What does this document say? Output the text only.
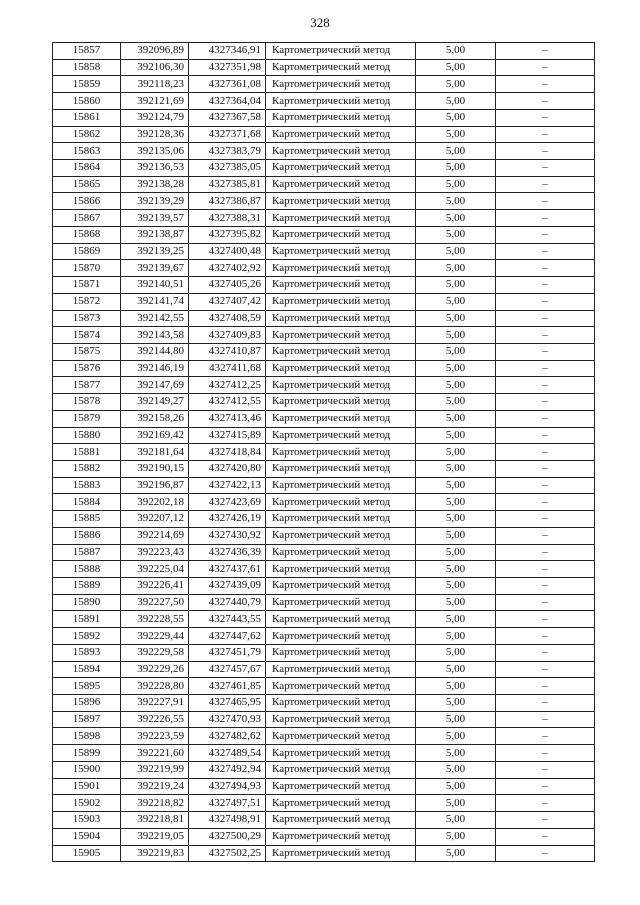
328
15857	392096,89	4327346,91	Картометрический метод	5,00	–
15858	392106,30	4327351,98	Картометрический метод	5,00	–
15859	392118,23	4327361,08	Картометрический метод	5,00	–
15860	392121,69	4327364,04	Картометрический метод	5,00	–
15861	392124,79	4327367,58	Картометрический метод	5,00	–
15862	392128,36	4327371,68	Картометрический метод	5,00	–
15863	392135,06	4327383,79	Картометрический метод	5,00	–
15864	392136,53	4327385,05	Картометрический метод	5,00	–
15865	392138,28	4327385,81	Картометрический метод	5,00	–
15866	392139,29	4327386,87	Картометрический метод	5,00	–
15867	392139,57	4327388,31	Картометрический метод	5,00	–
15868	392138,87	4327395,82	Картометрический метод	5,00	–
15869	392139,25	4327400,48	Картометрический метод	5,00	–
15870	392139,67	4327402,92	Картометрический метод	5,00	–
15871	392140,51	4327405,26	Картометрический метод	5,00	–
15872	392141,74	4327407,42	Картометрический метод	5,00	–
15873	392142,55	4327408,59	Картометрический метод	5,00	–
15874	392143,58	4327409,83	Картометрический метод	5,00	–
15875	392144,80	4327410,87	Картометрический метод	5,00	–
15876	392146,19	4327411,68	Картометрический метод	5,00	–
15877	392147,69	4327412,25	Картометрический метод	5,00	–
15878	392149,27	4327412,55	Картометрический метод	5,00	–
15879	392158,26	4327413,46	Картометрический метод	5,00	–
15880	392169,42	4327415,89	Картометрический метод	5,00	–
15881	392181,64	4327418,84	Картометрический метод	5,00	–
15882	392190,15	4327420,80	Картометрический метод	5,00	–
15883	392196,87	4327422,13	Картометрический метод	5,00	–
15884	392202,18	4327423,69	Картометрический метод	5,00	–
15885	392207,12	4327426,19	Картометрический метод	5,00	–
15886	392214,69	4327430,92	Картометрический метод	5,00	–
15887	392223,43	4327436,39	Картометрический метод	5,00	–
15888	392225,04	4327437,61	Картометрический метод	5,00	–
15889	392226,41	4327439,09	Картометрический метод	5,00	–
15890	392227,50	4327440,79	Картометрический метод	5,00	–
15891	392228,55	4327443,55	Картометрический метод	5,00	–
15892	392229,44	4327447,62	Картометрический метод	5,00	–
15893	392229,58	4327451,79	Картометрический метод	5,00	–
15894	392229,26	4327457,67	Картометрический метод	5,00	–
15895	392228,80	4327461,85	Картометрический метод	5,00	–
15896	392227,91	4327465,95	Картометрический метод	5,00	–
15897	392226,55	4327470,93	Картометрический метод	5,00	–
15898	392223,59	4327482,62	Картометрический метод	5,00	–
15899	392221,60	4327489,54	Картометрический метод	5,00	–
15900	392219,99	4327492,94	Картометрический метод	5,00	–
15901	392219,24	4327494,93	Картометрический метод	5,00	–
15902	392218,82	4327497,51	Картометрический метод	5,00	–
15903	392218,81	4327498,91	Картометрический метод	5,00	–
15904	392219,05	4327500,29	Картометрический метод	5,00	–
15905	392219,83	4327502,25	Картометрический метод	5,00	–
